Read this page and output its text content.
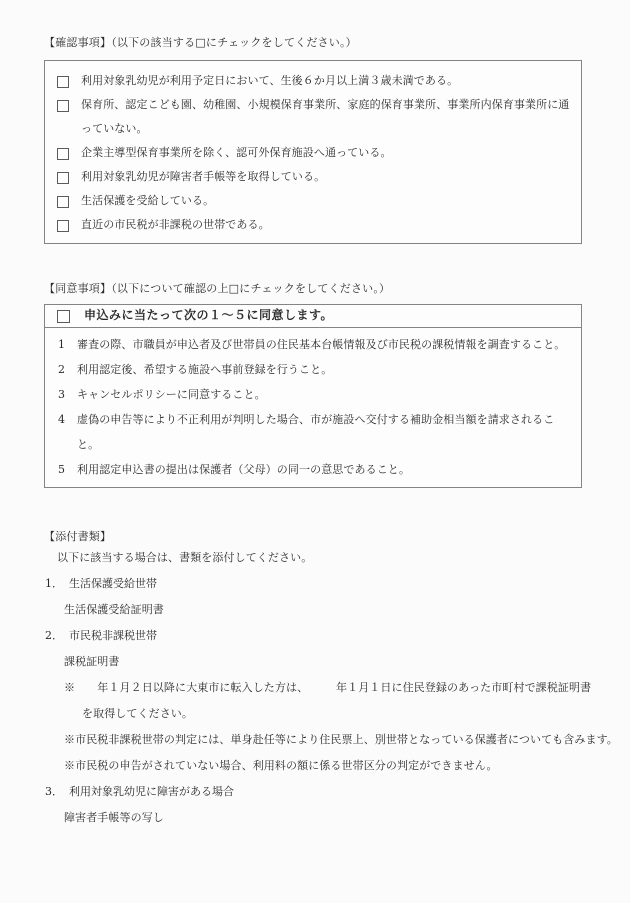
【確認事項】（以下の該当する□にチェックをしてください。）
利用対象乳幼児が利用予定日において、生後６か月以上満３歳未満である。
保育所、認定こども園、幼稚園、小規模保育事業所、家庭的保育事業所、事業所内保育事業所に通っていない。
企業主導型保育事業所を除く、認可外保育施設へ通っている。
利用対象乳幼児が障害者手帳等を取得している。
生活保護を受給している。
直近の市民税が非課税の世帯である。
【同意事項】（以下について確認の上□にチェックをしてください。）
申込みに当たって次の１～５に同意します。
1	審査の際、市職員が申込者及び世帯員の住民基本台帳情報及び市民税の課税情報を調査すること。
2	利用認定後、希望する施設へ事前登録を行うこと。
3	キャンセルポリシーに同意すること。
4	虚偽の申告等により不正利用が判明した場合、市が施設へ交付する補助金相当額を請求されること。
5	利用認定申込書の提出は保護者（父母）の同一の意思であること。
【添付書類】
以下に該当する場合は、書類を添付してください。
1． 生活保護受給世帯
生活保護受給証明書
2． 市民税非課税世帯
課税証明書
※　　年１月２日以降に大東市に転入した方は、　　　年１月１日に住民登録のあった市町村で課税証明書
を取得してください。
※市民税非課税世帯の判定には、単身赴任等により住民票上、別世帯となっている保護者についても含みます。
※市民税の申告がされていない場合、利用料の額に係る世帯区分の判定ができません。
3． 利用対象乳幼児に障害がある場合
障害者手帳等の写し
